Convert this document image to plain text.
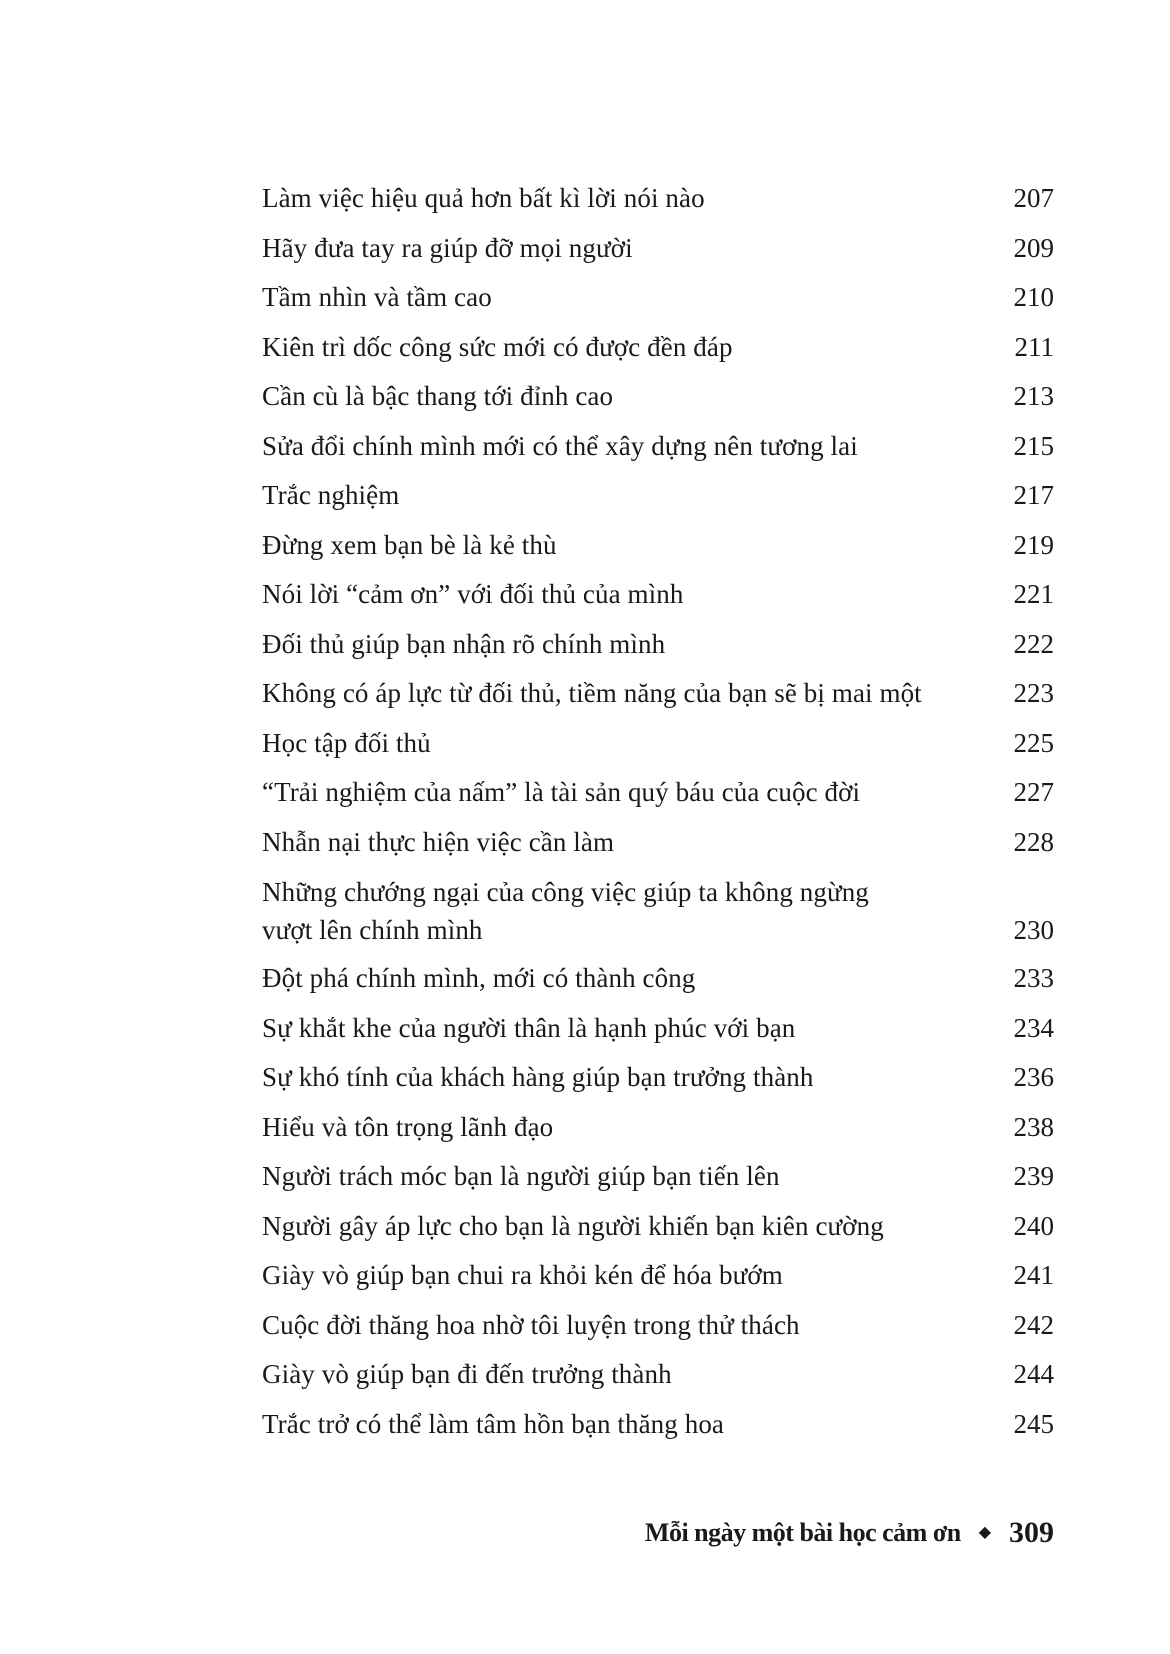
Làm việc hiệu quả hơn bất kì lời nói nào	207
Hãy đưa tay ra giúp đỡ mọi người	209
Tầm nhìn và tầm cao	210
Kiên trì dốc công sức mới có được đền đáp	211
Cần cù là bậc thang tới đỉnh cao	213
Sửa đổi chính mình mới có thể xây dựng nên tương lai	215
Trắc nghiệm	217
Đừng xem bạn bè là kẻ thù	219
Nói lời “cảm ơn” với đối thủ của mình	221
Đối thủ giúp bạn nhận rõ chính mình	222
Không có áp lực từ đối thủ, tiềm năng của bạn sẽ bị mai một	223
Học tập đối thủ	225
“Trải nghiệm của nấm” là tài sản quý báu của cuộc đời	227
Nhẫn nại thực hiện việc cần làm	228
Những chướng ngại của công việc giúp ta không ngừng
vượt lên chính mình	230
Đột phá chính mình, mới có thành công	233
Sự khắt khe của người thân là hạnh phúc với bạn	234
Sự khó tính của khách hàng giúp bạn trưởng thành	236
Hiểu và tôn trọng lãnh đạo	238
Người trách móc bạn là người giúp bạn tiến lên	239
Người gây áp lực cho bạn là người khiến bạn kiên cường	240
Giày vò giúp bạn chui ra khỏi kén để hóa bướm	241
Cuộc đời thăng hoa nhờ tôi luyện trong thử thách	242
Giày vò giúp bạn đi đến trưởng thành	244
Trắc trở có thể làm tâm hồn bạn thăng hoa	245
Mỗi ngày một bài học cảm ơn ◆ 309
